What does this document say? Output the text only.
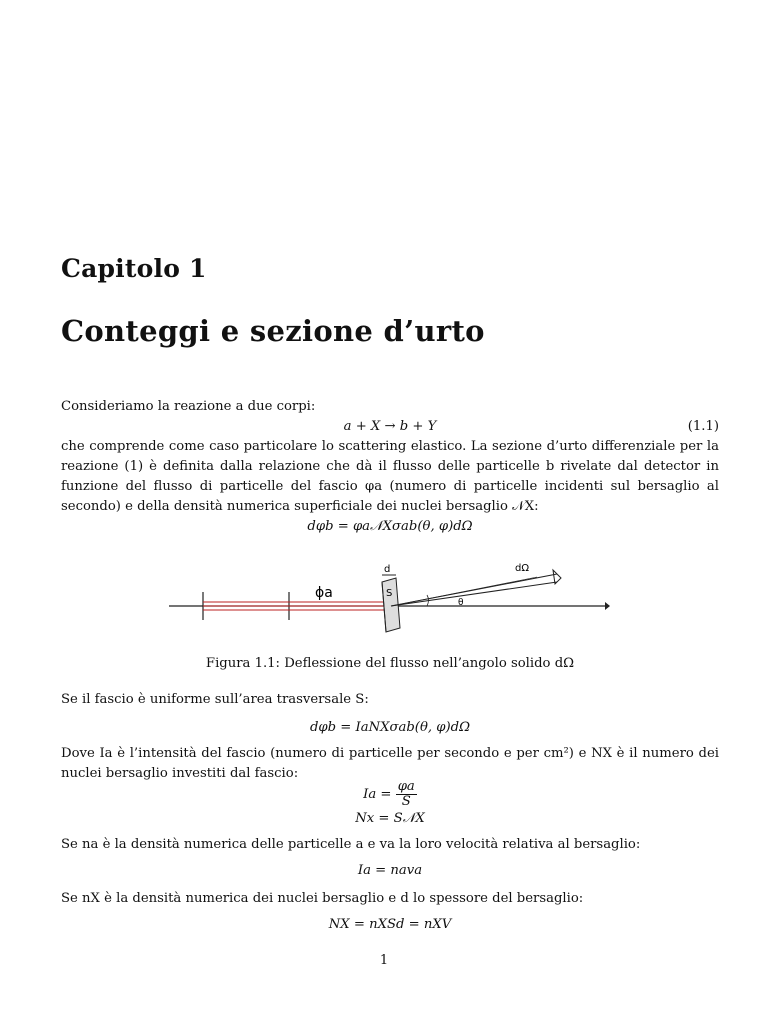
Capitolo 1
Conteggi e sezione d’urto
Consideriamo la reazione a due corpi:
a + X → b + Y	(1.1)
che comprende come caso particolare lo scattering elastico. La sezione d’urto differenziale per la reazione (1) è definita dalla relazione che dà il flusso delle particelle b rivelate dal detector in funzione del flusso di particelle del fascio φa (numero di particelle incidenti sul bersaglio al secondo) e della densità numerica superficiale dei nuclei bersaglio 𝒩X:
dφb = φa𝒩Xσab(θ, φ)dΩ
ϕa
d
S
dΩ
θ
Figura 1.1: Deflessione del flusso nell’angolo solido dΩ
Se il fascio è uniforme sull’area trasversale S:
dφb = IaNXσab(θ, φ)dΩ
Dove Ia è l’intensità del fascio (numero di particelle per secondo e per cm²) e NX è il numero dei nuclei bersaglio investiti dal fascio:
$Ia = \frac{\varphi a}{S}$
Nx = S𝒩X
Se na è la densità numerica delle particelle a e va la loro velocità relativa al bersaglio:
Ia = nava
Se nX è la densità numerica dei nuclei bersaglio e d lo spessore del bersaglio:
NX = nXSd = nXV
1
